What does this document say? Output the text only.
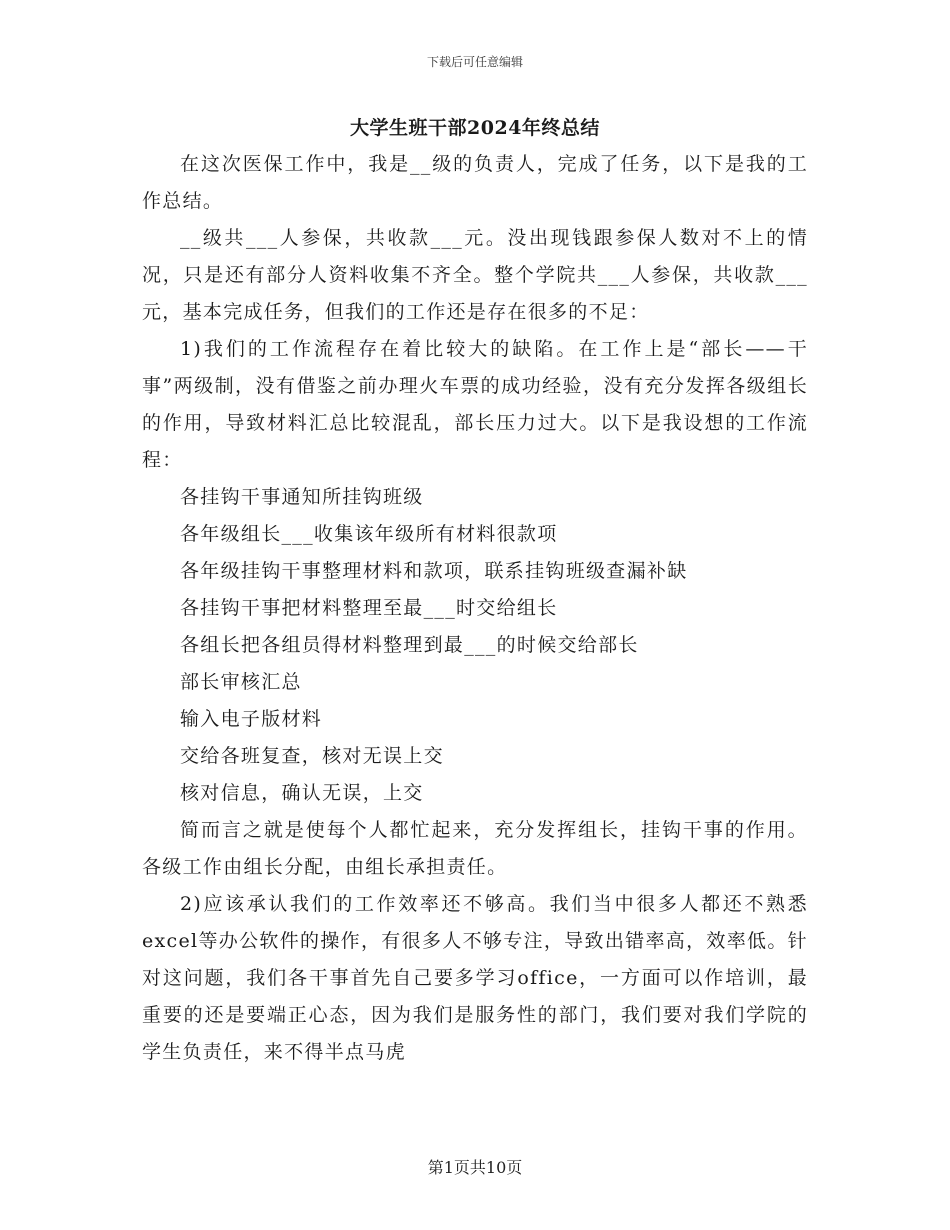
下载后可任意编辑
大学生班干部2024年终总结

在这次医保工作中，我是__级的负责人，完成了任务，以下是我的工作总结。

__级共___人参保，共收款___元。没出现钱跟参保人数对不上的情况，只是还有部分人资料收集不齐全。整个学院共___人参保，共收款___元，基本完成任务，但我们的工作还是存在很多的不足：

1)我们的工作流程存在着比较大的缺陷。在工作上是“部长——干事”两级制，没有借鉴之前办理火车票的成功经验，没有充分发挥各级组长的作用，导致材料汇总比较混乱，部长压力过大。以下是我设想的工作流程：

各挂钩干事通知所挂钩班级

各年级组长___收集该年级所有材料很款项

各年级挂钩干事整理材料和款项，联系挂钩班级查漏补缺

各挂钩干事把材料整理至最___时交给组长

各组长把各组员得材料整理到最___的时候交给部长

部长审核汇总

输入电子版材料

交给各班复查，核对无误上交

核对信息，确认无误，上交

简而言之就是使每个人都忙起来，充分发挥组长，挂钩干事的作用。各级工作由组长分配，由组长承担责任。

2)应该承认我们的工作效率还不够高。我们当中很多人都还不熟悉excel等办公软件的操作，有很多人不够专注，导致出错率高，效率低。针对这问题，我们各干事首先自己要多学习office，一方面可以作培训，最重要的还是要端正心态，因为我们是服务性的部门，我们要对我们学院的学生负责任，来不得半点马虎

第1页共10页
